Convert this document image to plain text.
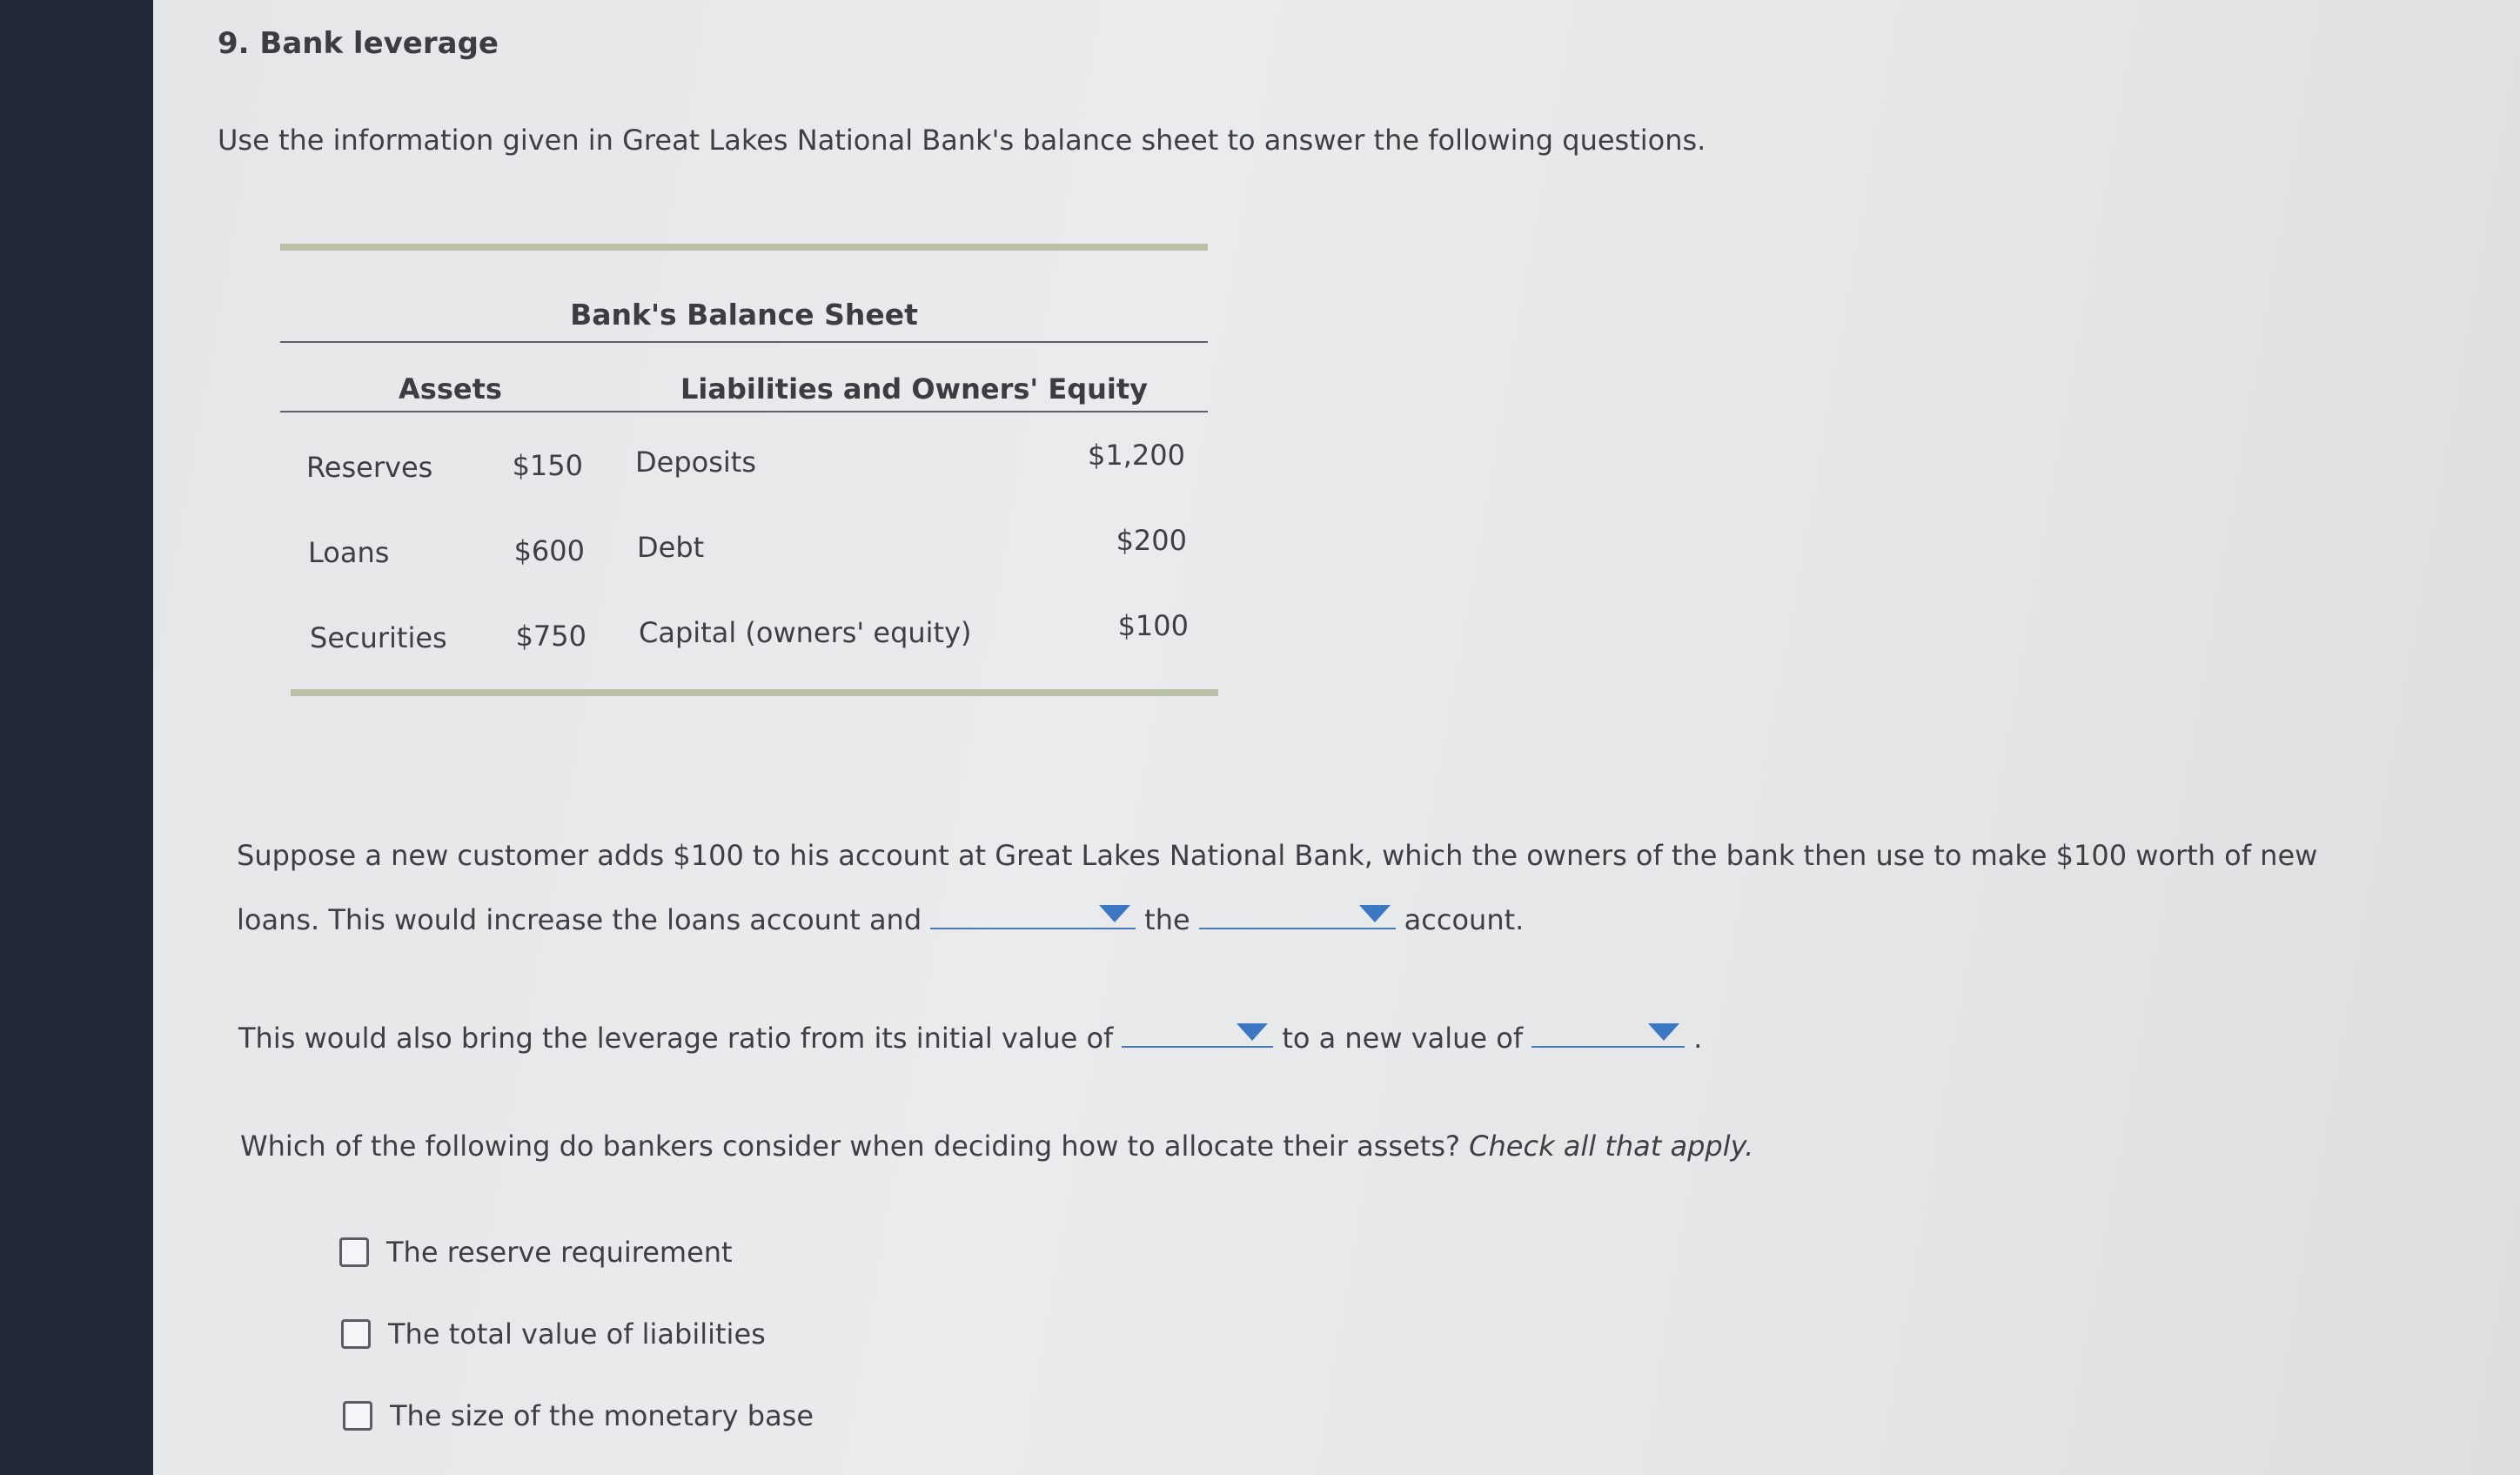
9. Bank leverage
Use the information given in Great Lakes National Bank's balance sheet to answer the following questions.
Bank's Balance Sheet
Assets	Liabilities and Owners' Equity
Reserves	$150 Deposits	$1,200
Loans	$600 Debt	$200
Securities	$750 Capital (owners' equity)	$100
Suppose a new customer adds $100 to his account at Great Lakes National Bank, which the owners of the bank then use to make $100 worth of new
loans. This would increase the loans account and	the	account.
This would also bring the leverage ratio from its initial value of	to a new value of	.
Which of the following do bankers consider when deciding how to allocate their assets? Check all that apply.
The reserve requirement
The total value of liabilities
The size of the monetary base
